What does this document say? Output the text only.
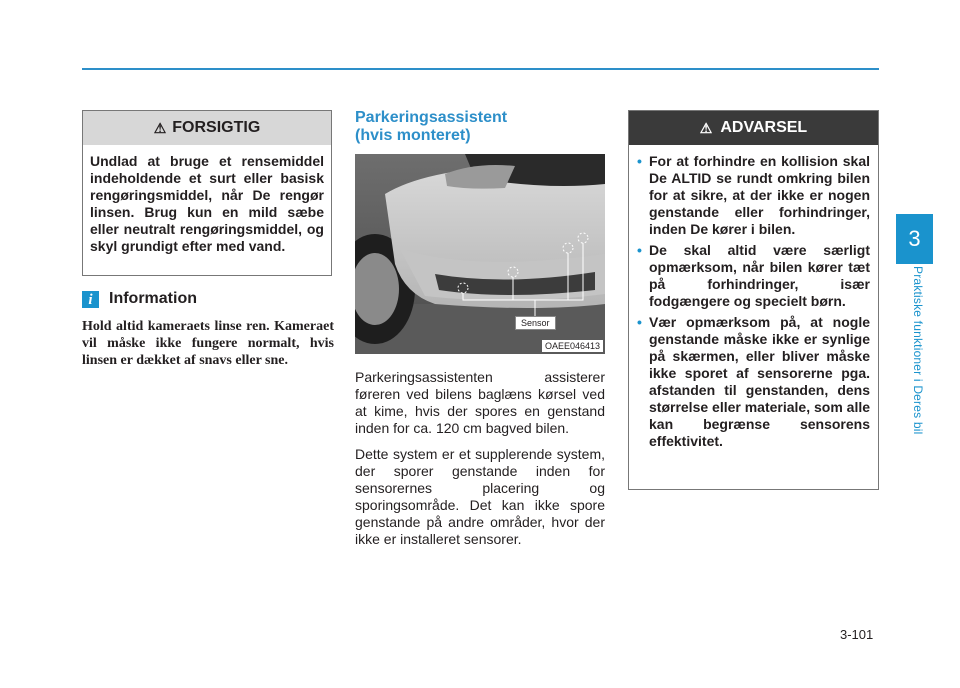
3
Praktiske funktioner i Deres bil
⚠ FORSIGTIG
Undlad at bruge et rensemiddel indeholdende et surt eller basisk rengøringsmiddel, når De rengør linsen. Brug kun en mild sæbe eller neutralt rengøringsmiddel, og skyl grundigt efter med vand.
i	Information
Hold altid kameraets linse ren. Kameraet vil måske ikke fungere normalt, hvis linsen er dækket af snavs eller sne.
Parkeringsassistent
(hvis monteret)
Sensor
OAEE046413
Parkeringsassistenten assisterer føreren ved bilens baglæns kørsel ved at kime, hvis der spores en genstand inden for ca. 120 cm bagved bilen.
Dette system er et supplerende system, der sporer genstande inden for sensorernes placering og sporingsområde. Det kan ikke spore genstande på andre områder, hvor der ikke er installeret sensorer.
⚠ ADVARSEL
• For at forhindre en kollision skal De ALTID se rundt omkring bilen for at sikre, at der ikke er nogen genstande eller forhindringer, inden De kører i bilen.
• De skal altid være særligt opmærksom, når bilen kører tæt på forhindringer, især fodgængere og specielt børn.
• Vær opmærksom på, at nogle genstande måske ikke er synlige på skærmen, eller bliver måske ikke sporet af sensorerne pga. afstanden til genstanden, dens størrelse eller materiale, som alle kan begrænse sensorens effektivitet.
3-101
